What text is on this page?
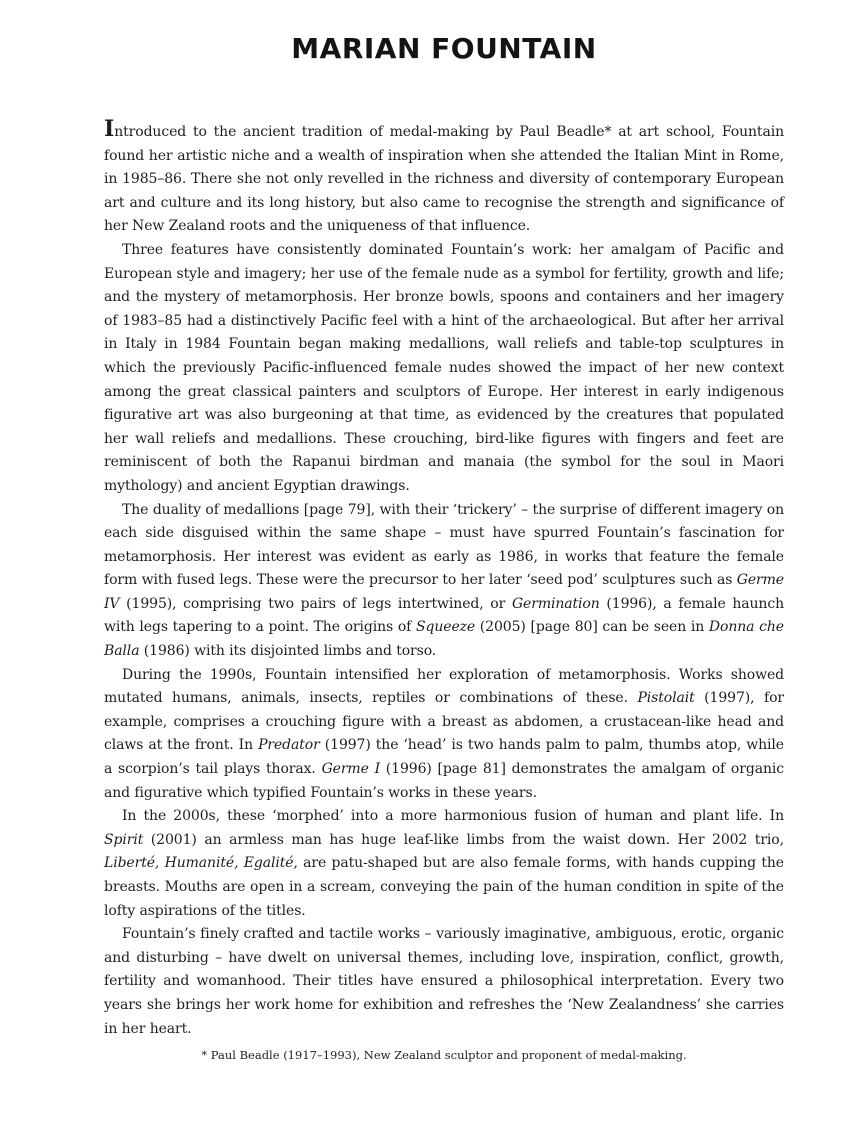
MARIAN FOUNTAIN

Introduced to the ancient tradition of medal-making by Paul Beadle* at art school, Fountain found her artistic niche and a wealth of inspiration when she attended the Italian Mint in Rome, in 1985–86. There she not only revelled in the richness and diversity of contemporary European art and culture and its long history, but also came to recognise the strength and significance of her New Zealand roots and the uniqueness of that influence.

Three features have consistently dominated Fountain’s work: her amalgam of Pacific and European style and imagery; her use of the female nude as a symbol for fertility, growth and life; and the mystery of metamorphosis. Her bronze bowls, spoons and containers and her imagery of 1983–85 had a distinctively Pacific feel with a hint of the archaeological. But after her arrival in Italy in 1984 Fountain began making medallions, wall reliefs and table-top sculptures in which the previously Pacific-influenced female nudes showed the impact of her new context among the great classical painters and sculptors of Europe. Her interest in early indigenous figurative art was also burgeoning at that time, as evidenced by the creatures that populated her wall reliefs and medallions. These crouching, bird-like figures with fingers and feet are reminiscent of both the Rapanui birdman and manaia (the symbol for the soul in Maori mythology) and ancient Egyptian drawings.

The duality of medallions [page 79], with their ‘trickery’ – the surprise of different imagery on each side disguised within the same shape – must have spurred Fountain’s fascination for metamorphosis. Her interest was evident as early as 1986, in works that feature the female form with fused legs. These were the precursor to her later ‘seed pod’ sculptures such as Germe IV (1995), comprising two pairs of legs intertwined, or Germination (1996), a female haunch with legs tapering to a point. The origins of Squeeze (2005) [page 80] can be seen in Donna che Balla (1986) with its disjointed limbs and torso.

During the 1990s, Fountain intensified her exploration of metamorphosis. Works showed mutated humans, animals, insects, reptiles or combinations of these. Pistolait (1997), for example, comprises a crouching figure with a breast as abdomen, a crustacean-like head and claws at the front. In Predator (1997) the ‘head’ is two hands palm to palm, thumbs atop, while a scorpion’s tail plays thorax. Germe I (1996) [page 81] demonstrates the amalgam of organic and figurative which typified Fountain’s works in these years.

In the 2000s, these ‘morphed’ into a more harmonious fusion of human and plant life. In Spirit (2001) an armless man has huge leaf-like limbs from the waist down. Her 2002 trio, Liberté, Humanité, Egalité, are patu-shaped but are also female forms, with hands cupping the breasts. Mouths are open in a scream, conveying the pain of the human condition in spite of the lofty aspirations of the titles.

Fountain’s finely crafted and tactile works – variously imaginative, ambiguous, erotic, organic and disturbing – have dwelt on universal themes, including love, inspiration, conflict, growth, fertility and womanhood. Their titles have ensured a philosophical interpretation. Every two years she brings her work home for exhibition and refreshes the ‘New Zealandness’ she carries in her heart.

* Paul Beadle (1917–1993), New Zealand sculptor and proponent of medal-making.
